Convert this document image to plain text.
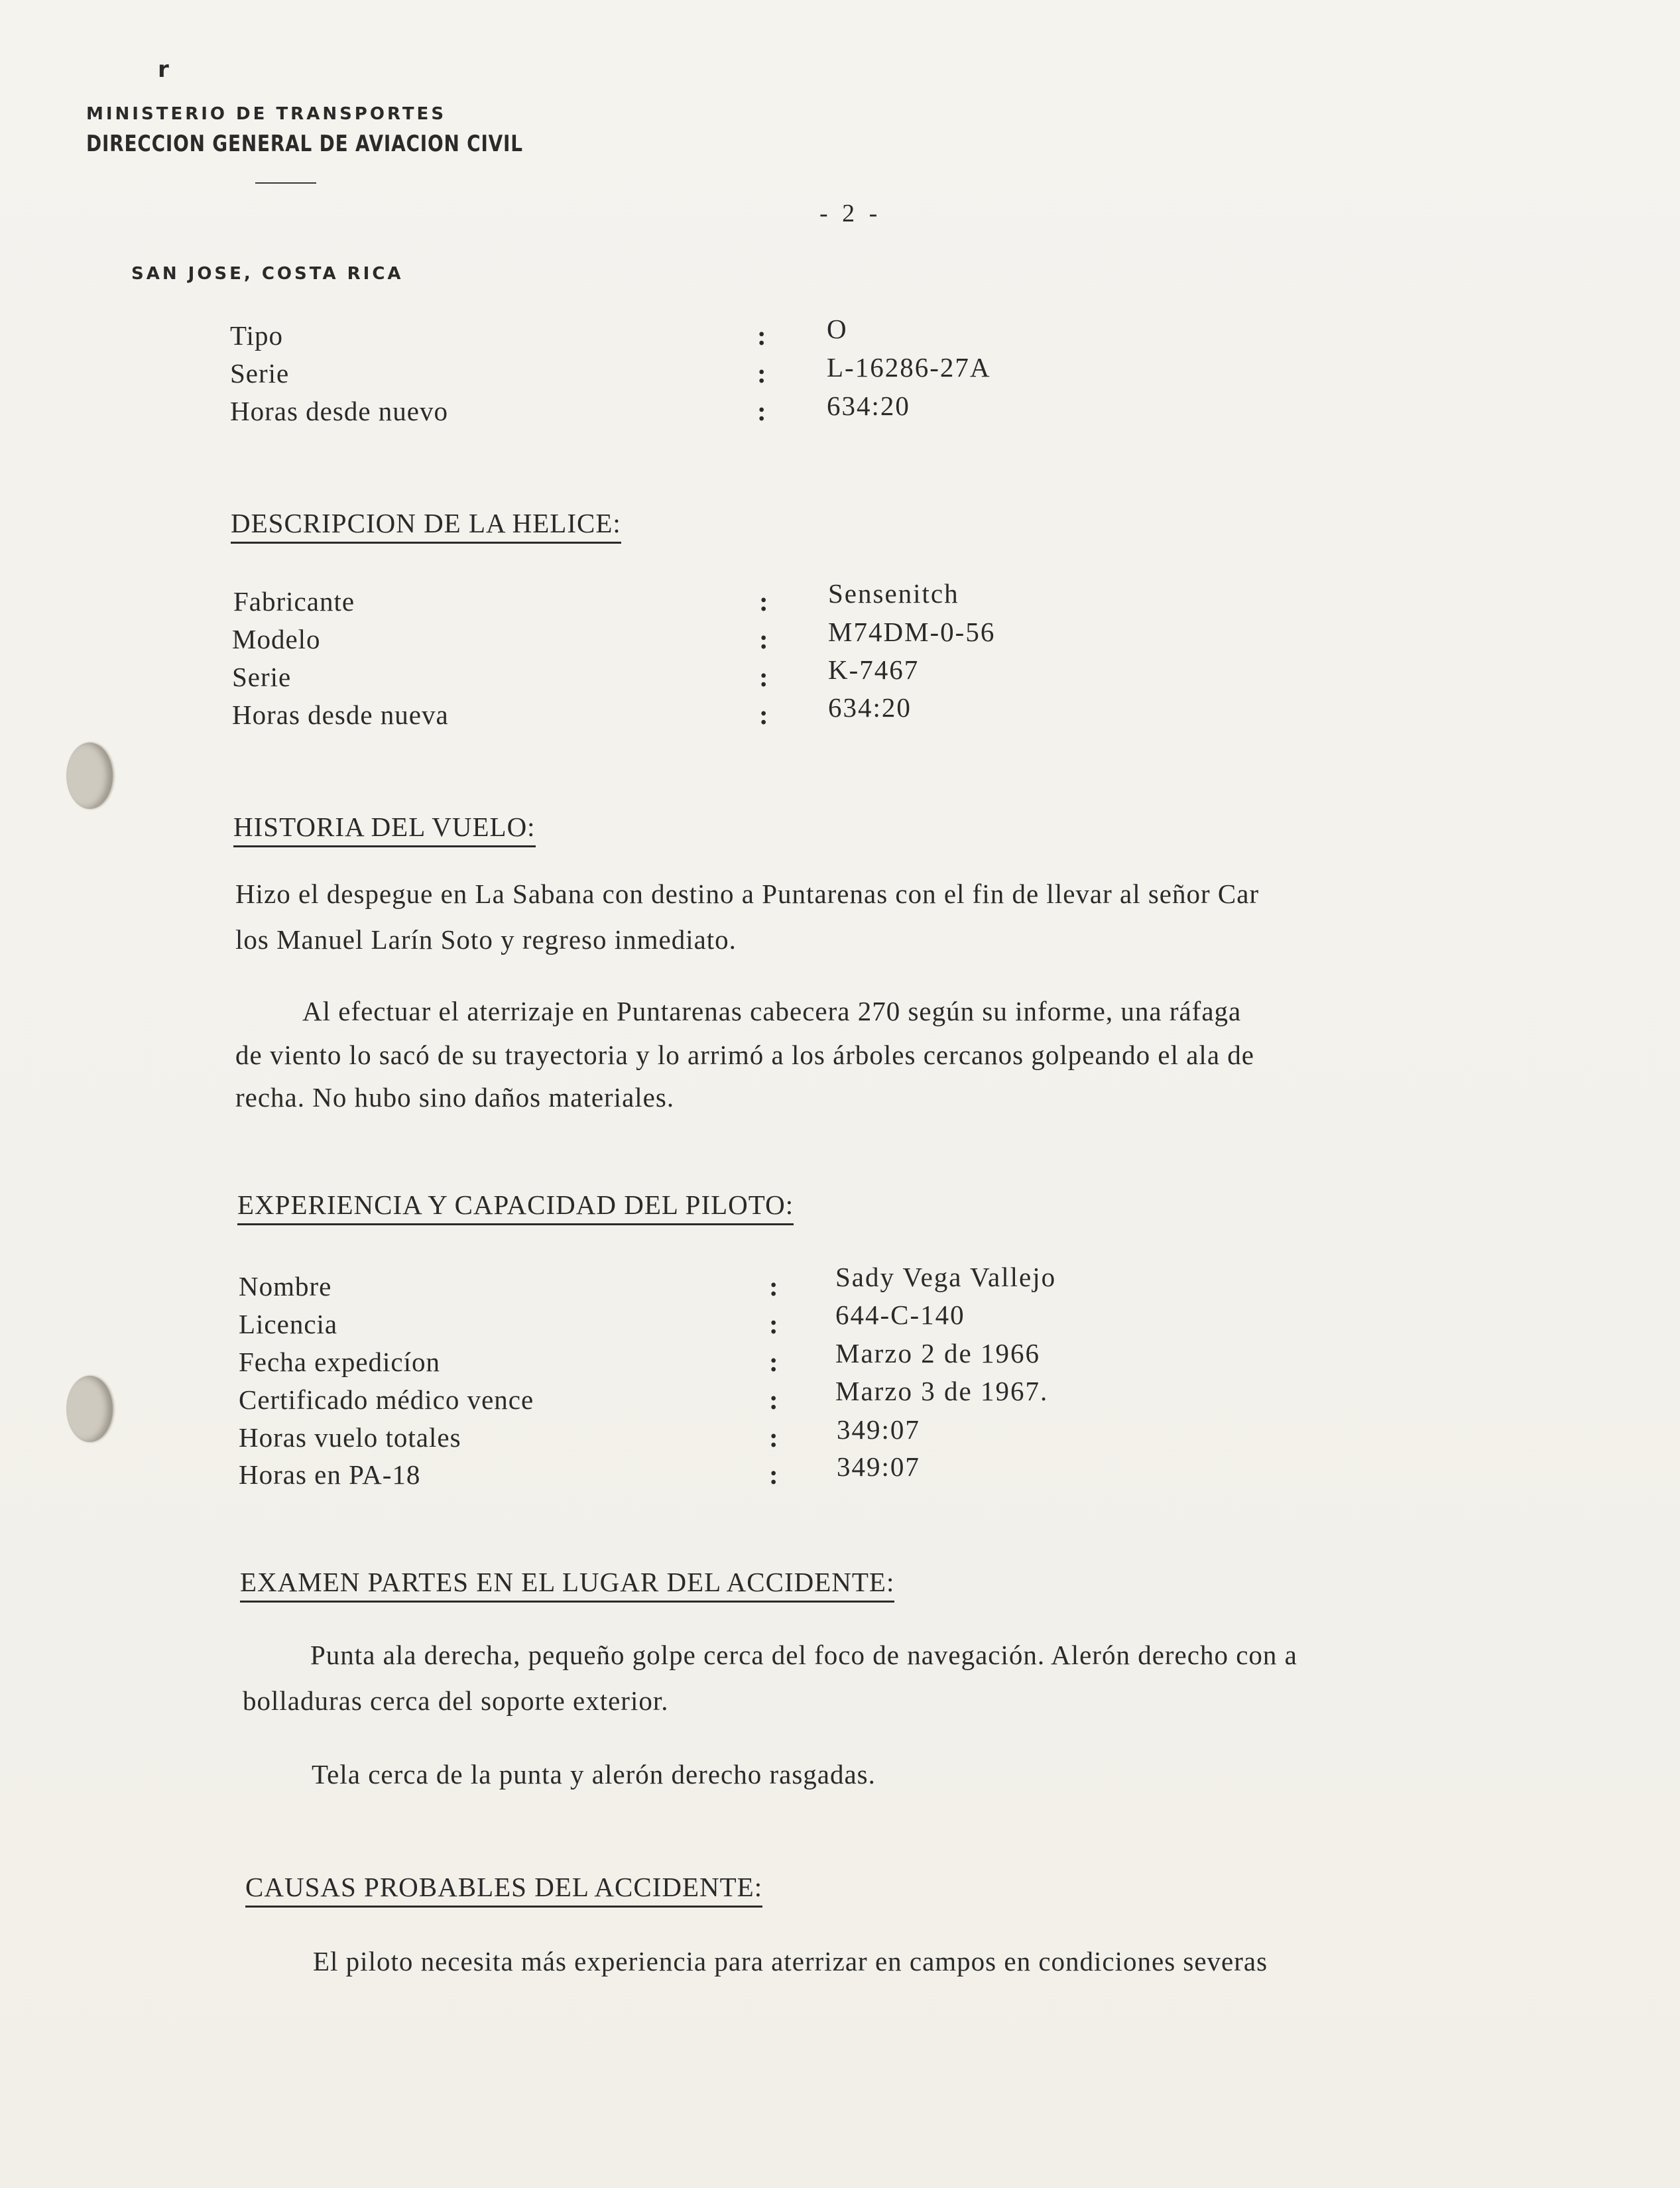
r
MINISTERIO DE TRANSPORTES
DIRECCION GENERAL DE AVIACION CIVIL
SAN JOSE, COSTA RICA
- 2 -
Tipo	: O
Serie	: L-16286-27A
Horas desde nuevo	: 634:20
DESCRIPCION DE LA HELICE:
Fabricante	: Sensenitch
Modelo	: M74DM-0-56
Serie	: K-7467
Horas desde nueva	: 634:20
HISTORIA DEL VUELO:
Hizo el despegue en La Sabana con destino a Puntarenas con el fin de llevar al señor Car
los Manuel Larín Soto y regreso inmediato.
Al efectuar el aterrizaje en Puntarenas cabecera 270 según su informe, una ráfaga
de viento lo sacó de su trayectoria y lo arrimó a los árboles cercanos golpeando el ala de
recha. No hubo sino daños materiales.
EXPERIENCIA Y CAPACIDAD DEL PILOTO:
Nombre	: Sady Vega Vallejo
Licencia	: 644-C-140
Fecha expedicíon	: Marzo 2 de 1966
Certificado médico vence	: Marzo 3 de 1967.
Horas vuelo totales	: 349:07
Horas en PA-18	: 349:07
EXAMEN PARTES EN EL LUGAR DEL ACCIDENTE:
Punta ala derecha, pequeño golpe cerca del foco de navegación. Alerón derecho con a
bolladuras cerca del soporte exterior.
Tela cerca de la punta y alerón derecho rasgadas.
CAUSAS PROBABLES DEL ACCIDENTE:
El piloto necesita más experiencia para aterrizar en campos en condiciones severas
